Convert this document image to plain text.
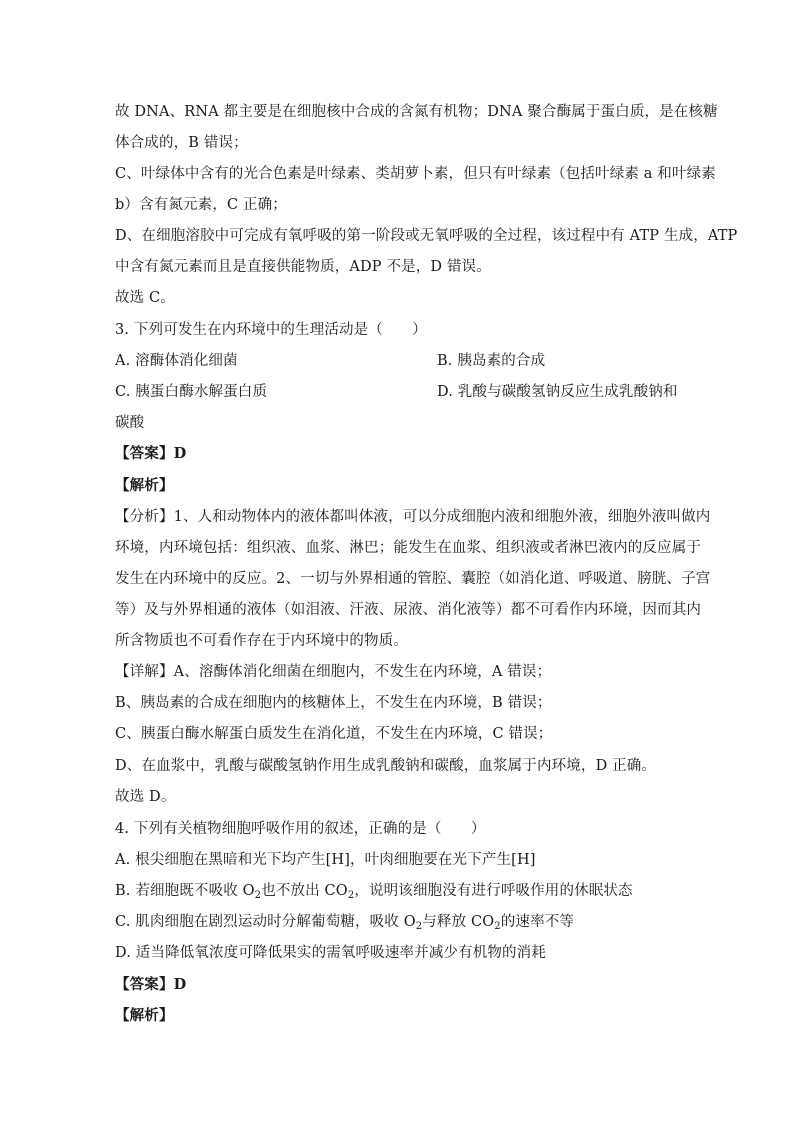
故 DNA、RNA 都主要是在细胞核中合成的含氮有机物；DNA 聚合酶属于蛋白质，是在核糖
体合成的，B 错误；
C、叶绿体中含有的光合色素是叶绿素、类胡萝卜素，但只有叶绿素（包括叶绿素 a 和叶绿素
b）含有氮元素，C 正确；
D、在细胞溶胶中可完成有氧呼吸的第一阶段或无氧呼吸的全过程，该过程中有 ATP 生成，ATP
中含有氮元素而且是直接供能物质，ADP 不是，D 错误。
故选 C。
3. 下列可发生在内环境中的生理活动是（　　）
A. 溶酶体消化细菌	B. 胰岛素的合成
C. 胰蛋白酶水解蛋白质	D. 乳酸与碳酸氢钠反应生成乳酸钠和
碳酸
【答案】D
【解析】
【分析】1、人和动物体内的液体都叫体液，可以分成细胞内液和细胞外液，细胞外液叫做内
环境，内环境包括：组织液、血浆、淋巴；能发生在血浆、组织液或者淋巴液内的反应属于
发生在内环境中的反应。2、一切与外界相通的管腔、囊腔（如消化道、呼吸道、膀胱、子宫
等）及与外界相通的液体（如泪液、汗液、尿液、消化液等）都不可看作内环境，因而其内
所含物质也不可看作存在于内环境中的物质。
【详解】A、溶酶体消化细菌在细胞内，不发生在内环境，A 错误；
B、胰岛素的合成在细胞内的核糖体上，不发生在内环境，B 错误；
C、胰蛋白酶水解蛋白质发生在消化道，不发生在内环境，C 错误；
D、在血浆中，乳酸与碳酸氢钠作用生成乳酸钠和碳酸，血浆属于内环境，D 正确。
故选 D。
4. 下列有关植物细胞呼吸作用的叙述，正确的是（　　）
A. 根尖细胞在黑暗和光下均产生[H]，叶肉细胞要在光下产生[H]
B. 若细胞既不吸收 $O_2$也不放出 $CO_2$，说明该细胞没有进行呼吸作用的休眠状态
C. 肌肉细胞在剧烈运动时分解葡萄糖，吸收 $O_2$与释放 $CO_2$的速率不等
D. 适当降低氧浓度可降低果实的需氧呼吸速率并减少有机物的消耗
【答案】D
【解析】
